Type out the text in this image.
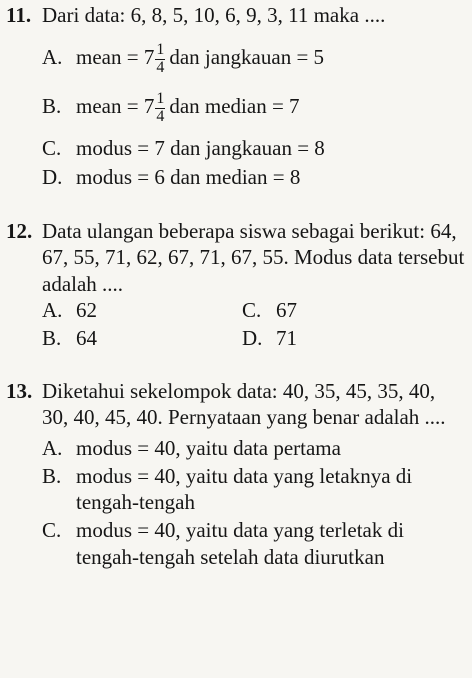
11. Dari data: 6, 8, 5, 10, 6, 9, 3, 11 maka ....
A. mean = $7 \frac{1}{4}$ dan jangkauan = 5
B. mean = $7 \frac{1}{4}$ dan median = 7
C. modus = 7 dan jangkauan = 8
D. modus = 6 dan median = 8
12. Data ulangan beberapa siswa sebagai berikut: 64, 67, 55, 71, 62, 67, 71, 67, 55. Modus data tersebut adalah ....
A. 62	C. 67
B. 64	D. 71
13. Diketahui sekelompok data: 40, 35, 45, 35, 40, 30, 40, 45, 40. Pernyataan yang benar adalah ....
A. modus = 40, yaitu data pertama
B. modus = 40, yaitu data yang letaknya di tengah-tengah
C. modus = 40, yaitu data yang terletak di tengah-tengah setelah data diurutkan
